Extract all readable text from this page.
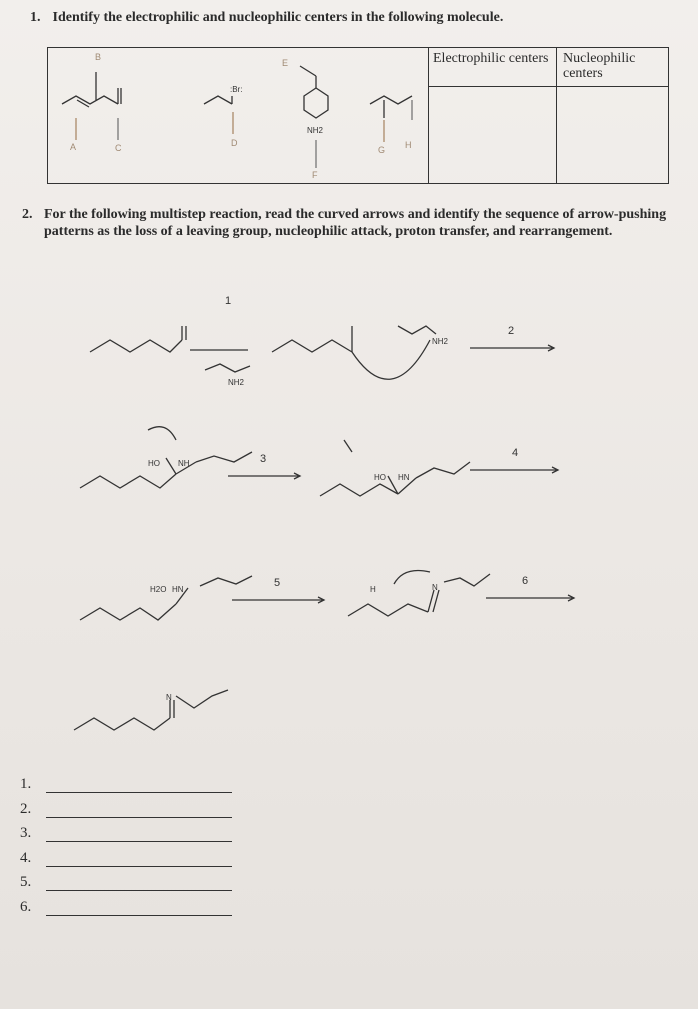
1. Identify the electrophilic and nucleophilic centers in the following molecule.
Electrophilic centers Nucleophilic centers
B
A	C	D
E
F
G H
:Br:
NH2
2. For the following multistep reaction, read the curved arrows and identify the sequence of arrow-pushing patterns as the loss of a leaving group, nucleophilic attack, proton transfer, and rearrangement.
NH2
NH2
HO NH
HO HN
H2O HN	N
H
N
1
2
3	4
5	6
1.
2.
3.
4.
5.
6.
